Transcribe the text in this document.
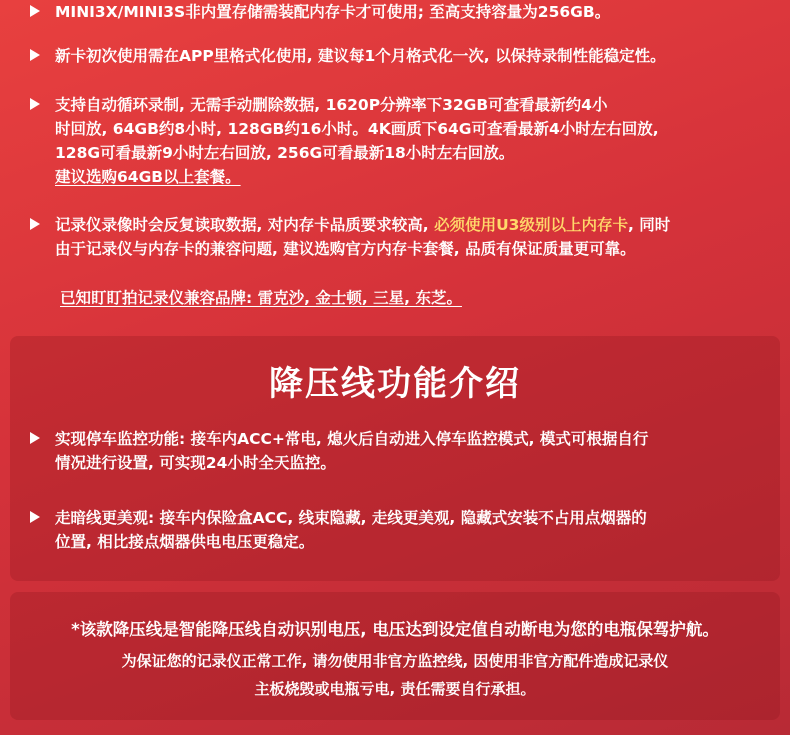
MINI3X/MINI3S非内置存储需装配内存卡才可使用; 至高支持容量为256GB。
新卡初次使用需在APP里格式化使用, 建议每1个月格式化一次, 以保持录制性能稳定性。
支持自动循环录制, 无需手动删除数据, 1620P分辨率下32GB可查看最新约4小
时回放, 64GB约8小时, 128GB约16小时。4K画质下64G可查看最新4小时左右回放,
128G可看最新9小时左右回放, 256G可看最新18小时左右回放。
建议选购64GB以上套餐。
记录仪录像时会反复读取数据, 对内存卡品质要求较高, 必须使用U3级别以上内存卡, 同时
由于记录仪与内存卡的兼容问题, 建议选购官方内存卡套餐, 品质有保证质量更可靠。
已知盯盯拍记录仪兼容品牌: 雷克沙, 金士顿, 三星, 东芝。
降压线功能介绍
实现停车监控功能: 接车内ACC+常电, 熄火后自动进入停车监控模式, 模式可根据自行
情况进行设置, 可实现24小时全天监控。
走暗线更美观: 接车内保险盒ACC, 线束隐藏, 走线更美观, 隐藏式安装不占用点烟器的
位置, 相比接点烟器供电电压更稳定。
*该款降压线是智能降压线自动识别电压, 电压达到设定值自动断电为您的电瓶保驾护航。
为保证您的记录仪正常工作, 请勿使用非官方监控线, 因使用非官方配件造成记录仪
主板烧毁或电瓶亏电, 责任需要自行承担。
